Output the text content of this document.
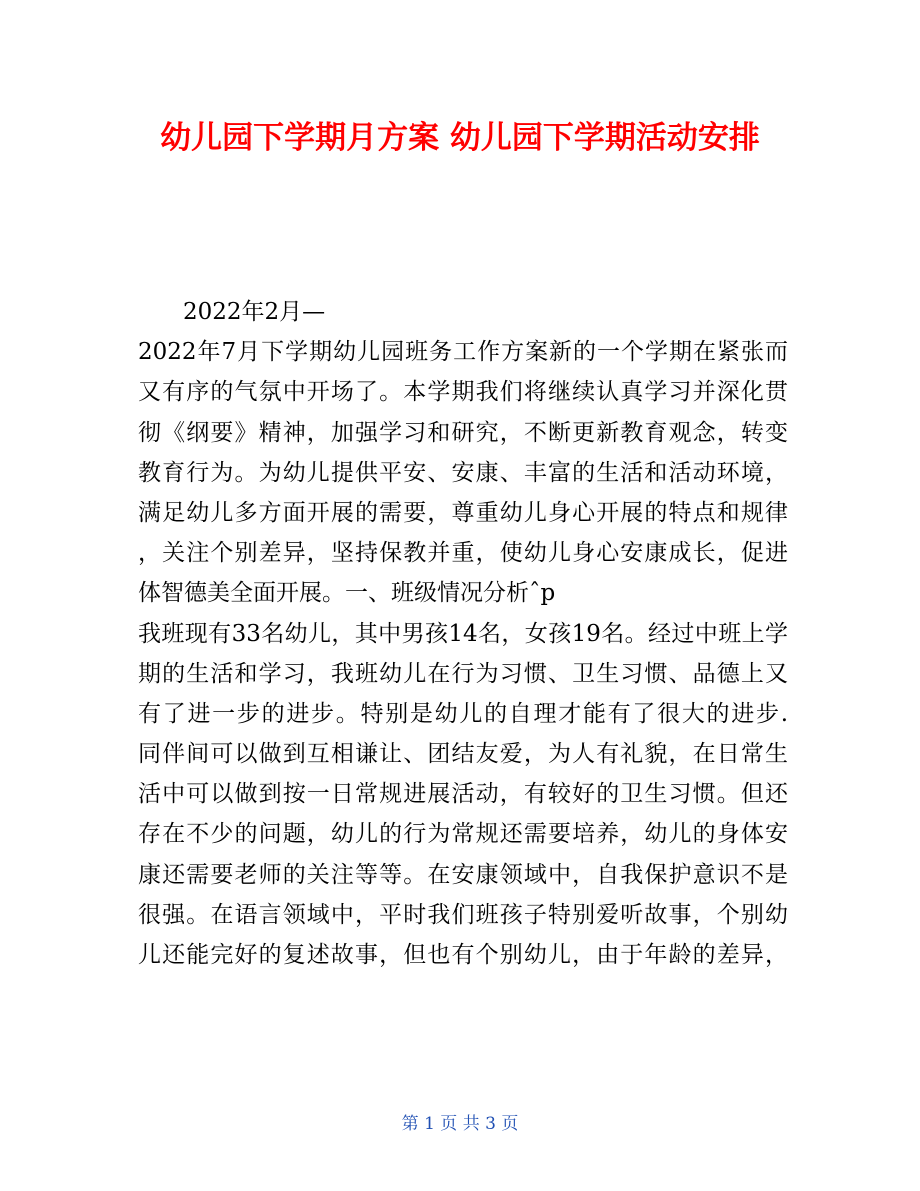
幼儿园下学期月方案 幼儿园下学期活动安排
2022年2月—
2022年7月下学期幼儿园班务工作方案新的一个学期在紧张而
又有序的气氛中开场了。本学期我们将继续认真学习并深化贯
彻《纲要》精神，加强学习和研究，不断更新教育观念，转变
教育行为。为幼儿提供平安、安康、丰富的生活和活动环境，
满足幼儿多方面开展的需要，尊重幼儿身心开展的特点和规律
，关注个别差异，坚持保教并重，使幼儿身心安康成长，促进
体智德美全面开展。一、班级情况分析ˆp
我班现有33名幼儿，其中男孩14名，女孩19名。经过中班上学
期的生活和学习，我班幼儿在行为习惯、卫生习惯、品德上又
有了进一步的进步。特别是幼儿的自理才能有了很大的进步.
同伴间可以做到互相谦让、团结友爱，为人有礼貌，在日常生
活中可以做到按一日常规进展活动，有较好的卫生习惯。但还
存在不少的问题，幼儿的行为常规还需要培养，幼儿的身体安
康还需要老师的关注等等。在安康领域中，自我保护意识不是
很强。在语言领域中，平时我们班孩子特别爱听故事，个别幼
儿还能完好的复述故事，但也有个别幼儿，由于年龄的差异，
第 1 页 共 3 页
